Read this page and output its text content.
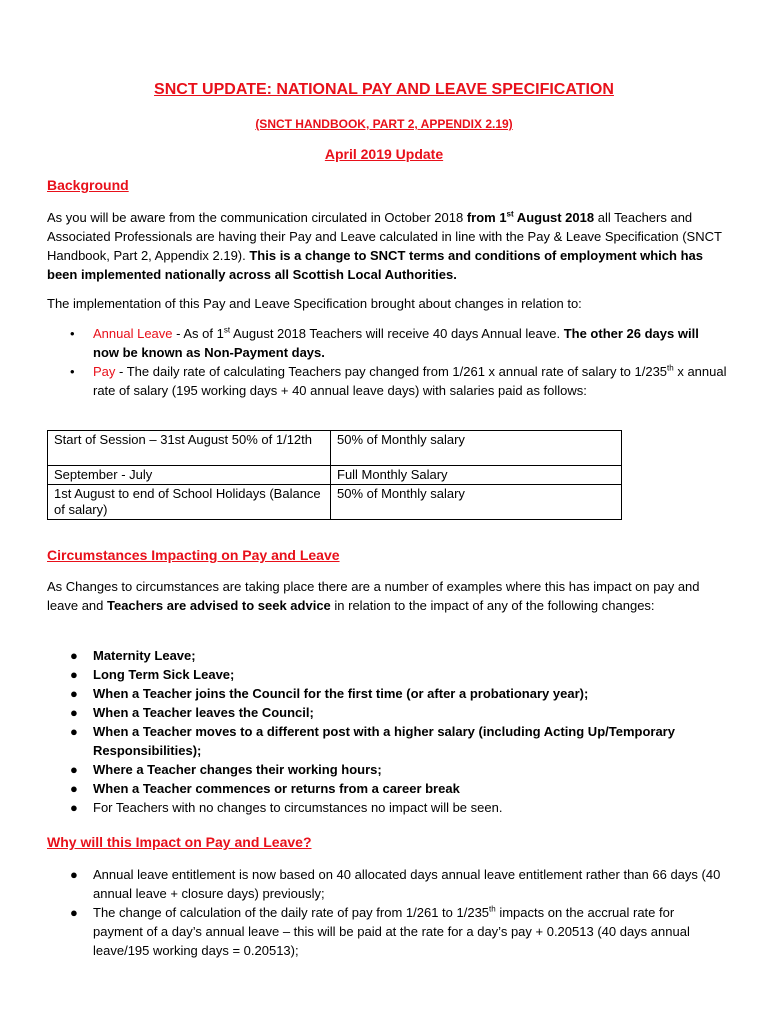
SNCT UPDATE: NATIONAL PAY AND LEAVE SPECIFICATION
(SNCT HANDBOOK, PART 2, APPENDIX 2.19)
April 2019 Update
Background
As you will be aware from the communication circulated in October 2018 from 1st August 2018 all Teachers and Associated Professionals are having their Pay and Leave calculated in line with the Pay & Leave Specification (SNCT Handbook, Part 2, Appendix 2.19). This is a change to SNCT terms and conditions of employment which has been implemented nationally across all Scottish Local Authorities.
The implementation of this Pay and Leave Specification brought about changes in relation to:
• Annual Leave - As of 1st August 2018 Teachers will receive 40 days Annual leave. The other 26 days will now be known as Non-Payment days.
• Pay - The daily rate of calculating Teachers pay changed from 1/261 x annual rate of salary to 1/235th x annual rate of salary (195 working days + 40 annual leave days) with salaries paid as follows:
Start of Session – 31st August 50% of 1/12th	50% of Monthly salary
September - July	Full Monthly Salary
1st August to end of School Holidays (Balance of salary)	50% of Monthly salary
Circumstances Impacting on Pay and Leave
As Changes to circumstances are taking place there are a number of examples where this has impact on pay and leave and Teachers are advised to seek advice in relation to the impact of any of the following changes:
● Maternity Leave;
● Long Term Sick Leave;
● When a Teacher joins the Council for the first time (or after a probationary year);
● When a Teacher leaves the Council;
● When a Teacher moves to a different post with a higher salary (including Acting Up/Temporary Responsibilities);
● Where a Teacher changes their working hours;
● When a Teacher commences or returns from a career break
● For Teachers with no changes to circumstances no impact will be seen.
Why will this Impact on Pay and Leave?
● Annual leave entitlement is now based on 40 allocated days annual leave entitlement rather than 66 days (40 annual leave + closure days) previously;
● The change of calculation of the daily rate of pay from 1/261 to 1/235th impacts on the accrual rate for payment of a day’s annual leave – this will be paid at the rate for a day’s pay + 0.20513 (40 days annual leave/195 working days = 0.20513);
